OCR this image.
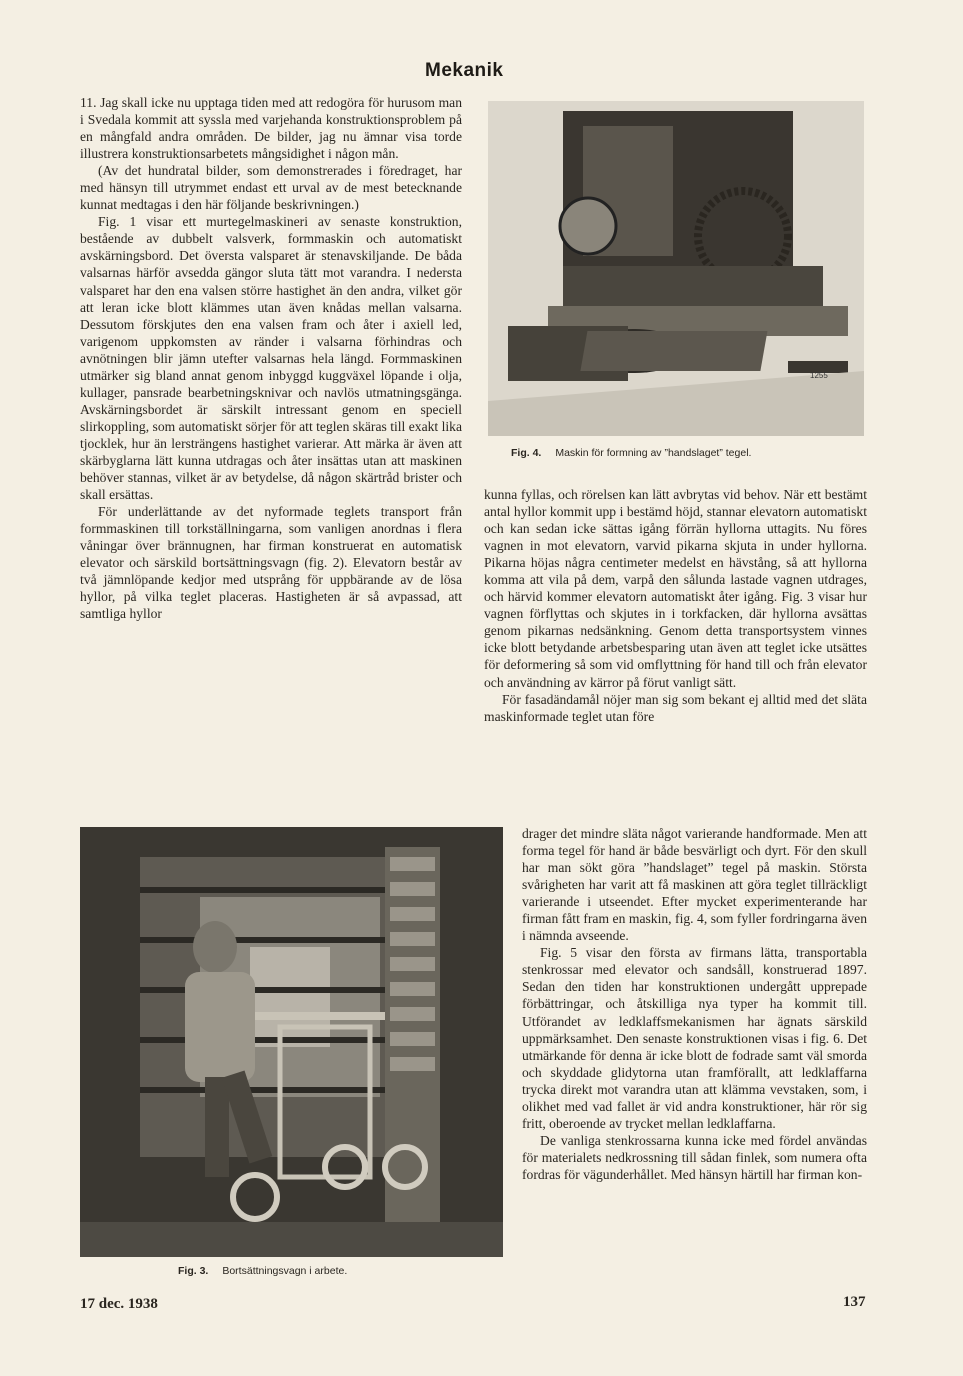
Mekanik

11. Jag skall icke nu upptaga tiden med att redogöra för hurusom man i Svedala kommit att syssla med varjehanda konstruktionsproblem på en mångfald andra områden. De bilder, jag nu ämnar visa torde illustrera konstruktionsarbetets mångsidighet i någon mån.

(Av det hundratal bilder, som demonstrerades i föredraget, har med hänsyn till utrymmet endast ett urval av de mest betecknande kunnat medtagas i den här följande beskrivningen.)

Fig. 1 visar ett murtegelmaskineri av senaste konstruktion, bestående av dubbelt valsverk, formmaskin och automatiskt avskärningsbord. Det översta valsparet är stenavskiljande. De båda valsarnas härför avsedda gängor sluta tätt mot varandra. I nedersta valsparet har den ena valsen större hastighet än den andra, vilket gör att leran icke blott klämmes utan även knådas mellan valsarna. Dessutom förskjutes den ena valsen fram och åter i axiell led, varigenom uppkomsten av ränder i valsarna förhindras och avnötningen blir jämn utefter valsarnas hela längd. Formmaskinen utmärker sig bland annat genom inbyggd kuggväxel löpande i olja, kullager, pansrade bearbetningsknivar och navlös utmatningsgänga. Avskärningsbordet är särskilt intressant genom en speciell slirkoppling, som automatiskt sörjer för att teglen skäras till exakt lika tjocklek, hur än lersträngens hastighet varierar. Att märka är även att skärbyglarna lätt kunna utdragas och åter insättas utan att maskinen behöver stannas, vilket är av betydelse, då någon skärtråd brister och skall ersättas.

För underlättande av det nyformade teglets transport från formmaskinen till torkställningarna, som vanligen anordnas i flera våningar över brännugnen, har firman konstruerat en automatisk elevator och särskild bortsättningsvagn (fig. 2). Elevatorn består av två jämnlöpande kedjor med utsprång för uppbärande av de lösa hyllor, på vilka teglet placeras. Hastigheten är så avpassad, att samtliga hyllor

1255
Fig. 4. Maskin för formning av ”handslaget” tegel.

kunna fyllas, och rörelsen kan lätt avbrytas vid behov. När ett bestämt antal hyllor kommit upp i bestämd höjd, stannar elevatorn automatiskt och kan sedan icke sättas igång förrän hyllorna uttagits. Nu föres vagnen in mot elevatorn, varvid pikarna skjuta in under hyllorna. Pikarna höjas några centimeter medelst en hävstång, så att hyllorna komma att vila på dem, varpå den sålunda lastade vagnen utdrages, och härvid kommer elevatorn automatiskt åter igång. Fig. 3 visar hur vagnen förflyttas och skjutes in i torkfacken, där hyllorna avsättas genom pikarnas nedsänkning. Genom detta transportsystem vinnes icke blott betydande arbetsbesparing utan även att teglet icke utsättes för deformering så som vid omflyttning för hand till och från elevator och användning av kärror på förut vanligt sätt.

För fasadändamål nöjer man sig som bekant ej alltid med det släta maskinformade teglet utan före

drager det mindre släta något varierande handformade. Men att forma tegel för hand är både besvärligt och dyrt. För den skull har man sökt göra ”handslaget” tegel på maskin. Största svårigheten har varit att få maskinen att göra teglet tillräckligt varierande i utseendet. Efter mycket experimenterande har firman fått fram en maskin, fig. 4, som fyller fordringarna även i nämnda avseende.

Fig. 5 visar den första av firmans lätta, transportabla stenkrossar med elevator och sandsåll, konstruerad 1897. Sedan den tiden har konstruktionen undergått upprepade förbättringar, och åtskilliga nya typer ha kommit till. Utförandet av ledklaffsmekanismen har ägnats särskild uppmärksamhet. Den senaste konstruktionen visas i fig. 6. Det utmärkande för denna är icke blott de fodrade samt väl smorda och skyddade glidytorna utan framförallt, att ledklaffarna trycka direkt mot varandra utan att klämma vevstaken, som, i olikhet med vad fallet är vid andra konstruktioner, här rör sig fritt, oberoende av trycket mellan ledklaffarna.

De vanliga stenkrossarna kunna icke med fördel användas för materialets nedkrossning till sådan finlek, som numera ofta fordras för vägunderhållet. Med hänsyn härtill har firman kon-

Fig. 3. Bortsättningsvagn i arbete.
17 dec. 1938	137
